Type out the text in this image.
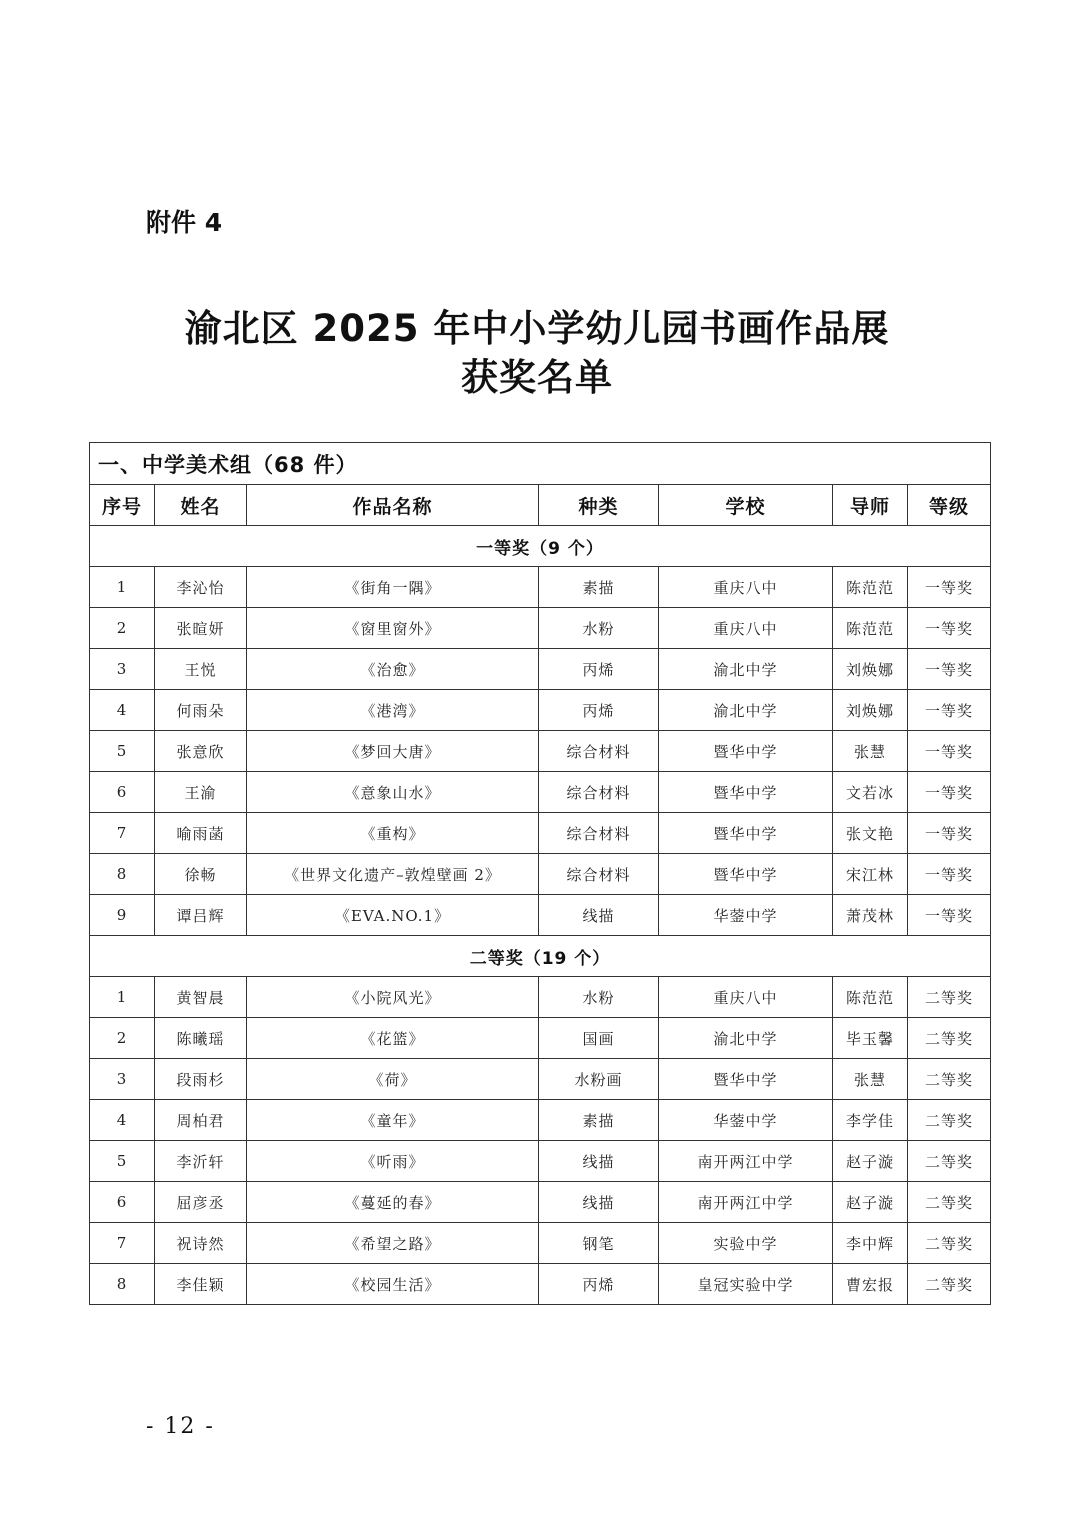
附件 4
渝北区 2025 年中小学幼儿园书画作品展
获奖名单
一、中学美术组（68 件）						
序号	姓名	作品名称	种类	学校	导师	等级
一等奖（9 个）						
1	李沁怡	《街角一隅》	素描	重庆八中	陈范范	一等奖
2	张暄妍	《窗里窗外》	水粉	重庆八中	陈范范	一等奖
3	王悦	《治愈》	丙烯	渝北中学	刘焕娜	一等奖
4	何雨朵	《港湾》	丙烯	渝北中学	刘焕娜	一等奖
5	张意欣	《梦回大唐》	综合材料	暨华中学	张慧	一等奖
6	王渝	《意象山水》	综合材料	暨华中学	文若冰	一等奖
7	喻雨菡	《重构》	综合材料	暨华中学	张文艳	一等奖
8	徐畅	《世界文化遗产–敦煌壁画 2》	综合材料	暨华中学	宋江林	一等奖
9	谭吕辉	《EVA.NO.1》	线描	华蓥中学	萧茂林	一等奖
二等奖（19 个）						
1	黄智晨	《小院风光》	水粉	重庆八中	陈范范	二等奖
2	陈曦瑶	《花篮》	国画	渝北中学	毕玉馨	二等奖
3	段雨杉	《荷》	水粉画	暨华中学	张慧	二等奖
4	周柏君	《童年》	素描	华蓥中学	李学佳	二等奖
5	李沂轩	《听雨》	线描	南开两江中学	赵子漩	二等奖
6	屈彦丞	《蔓延的春》	线描	南开两江中学	赵子漩	二等奖
7	祝诗然	《希望之路》	钢笔	实验中学	李中辉	二等奖
8	李佳颖	《校园生活》	丙烯	皇冠实验中学	曹宏报	二等奖
- 12 -
